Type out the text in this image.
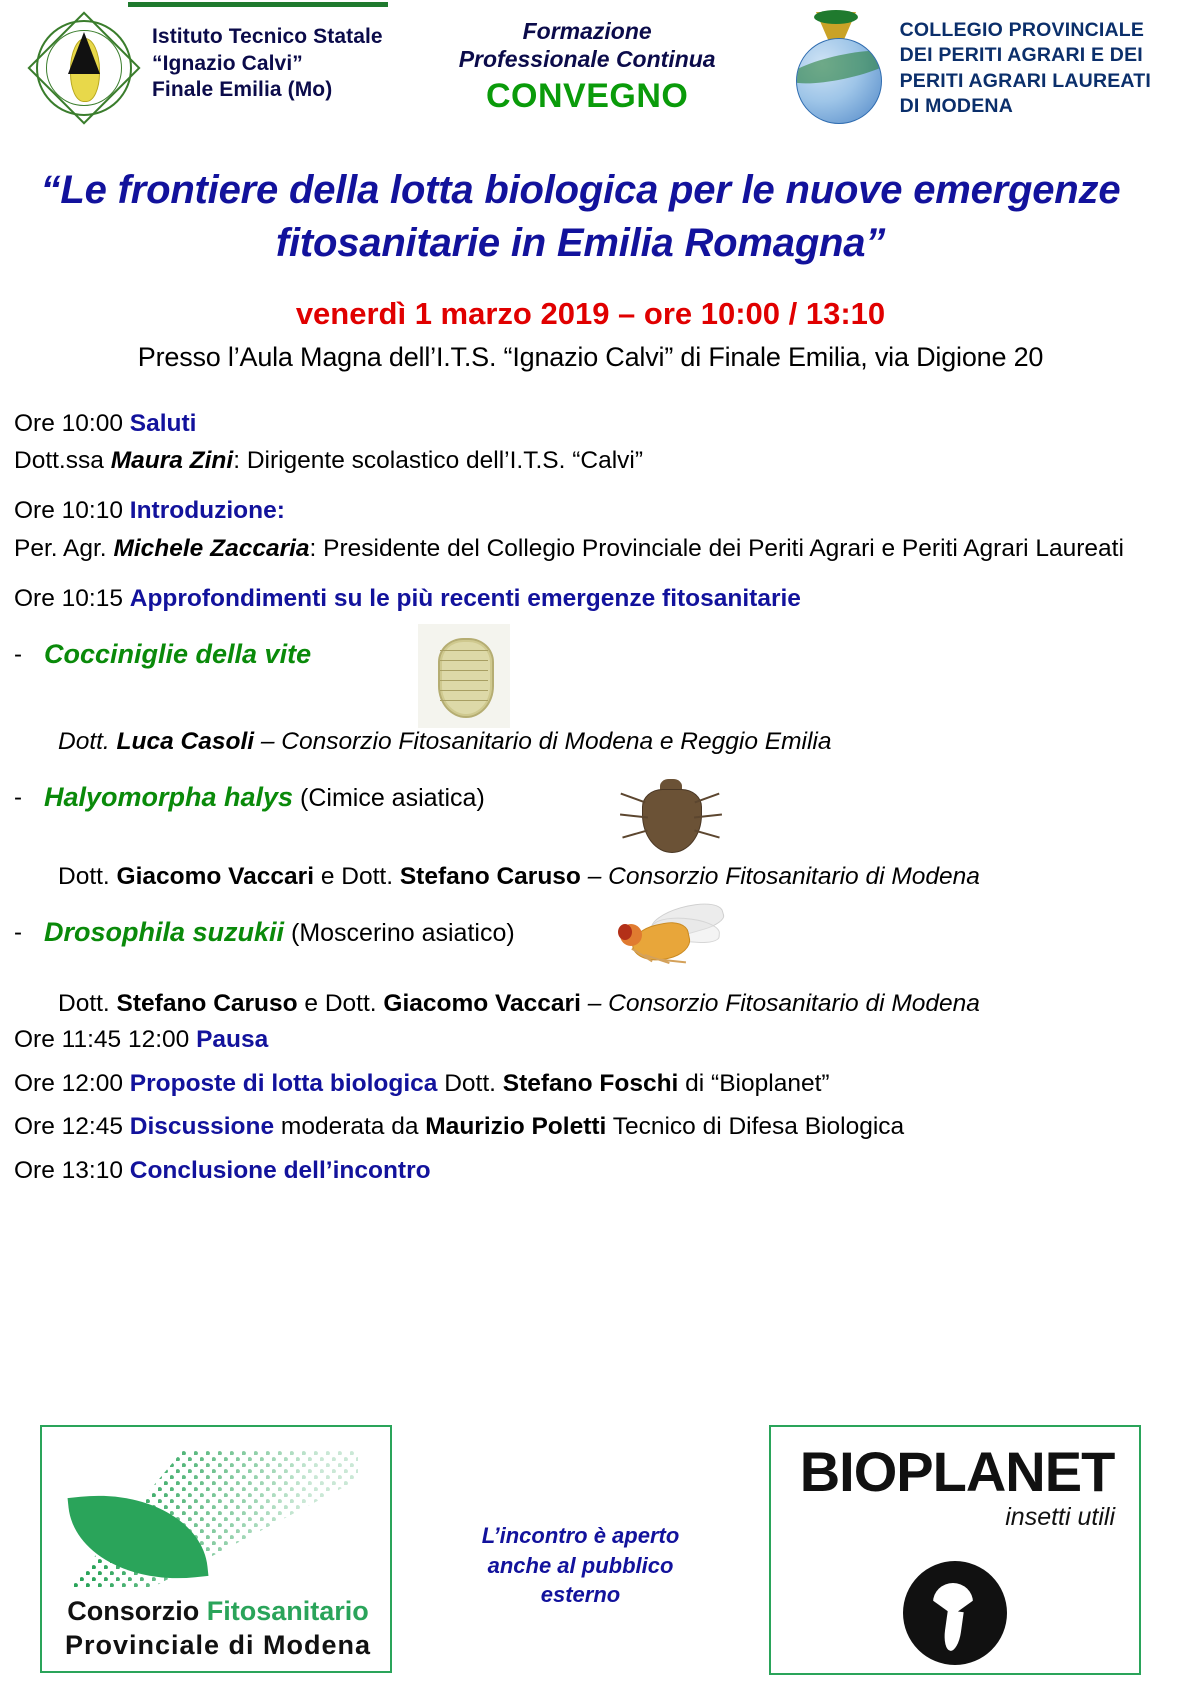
Istituto Tecnico Statale
“Ignazio Calvi”
Finale Emilia (Mo)
Formazione
Professionale Continua
CONVEGNO
COLLEGIO PROVINCIALE
DEI PERITI AGRARI E DEI
PERITI AGRARI LAUREATI
DI MODENA
“Le frontiere della lotta biologica per le nuove emergenze fitosanitarie in Emilia Romagna”
venerdì 1 marzo 2019 – ore 10:00 / 13:10
Presso l’Aula Magna dell’I.T.S. “Ignazio Calvi” di Finale Emilia, via Digione 20
Ore 10:00 Saluti
Dott.ssa Maura Zini: Dirigente scolastico dell’I.T.S. “Calvi”
Ore 10:10 Introduzione:
Per. Agr. Michele Zaccaria: Presidente del Collegio Provinciale dei Periti Agrari e Periti Agrari Laureati
Ore 10:15 Approfondimenti su le più recenti emergenze fitosanitarie
- Cocciniglie della vite
Dott. Luca Casoli – Consorzio Fitosanitario di Modena e Reggio Emilia
- Halyomorpha halys (Cimice asiatica)
Dott. Giacomo Vaccari e Dott. Stefano Caruso – Consorzio Fitosanitario di Modena
- Drosophila suzukii (Moscerino asiatico)
Dott. Stefano Caruso e Dott. Giacomo Vaccari – Consorzio Fitosanitario di Modena
Ore 11:45 12:00 Pausa
Ore 12:00 Proposte di lotta biologica Dott. Stefano Foschi di “Bioplanet”
Ore 12:45 Discussione moderata da Maurizio Poletti Tecnico di Difesa Biologica
Ore 13:10 Conclusione dell’incontro
Consorzio Fitosanitario
Provinciale di Modena
L’incontro è aperto anche al pubblico esterno
BIOPLANET
insetti utili
